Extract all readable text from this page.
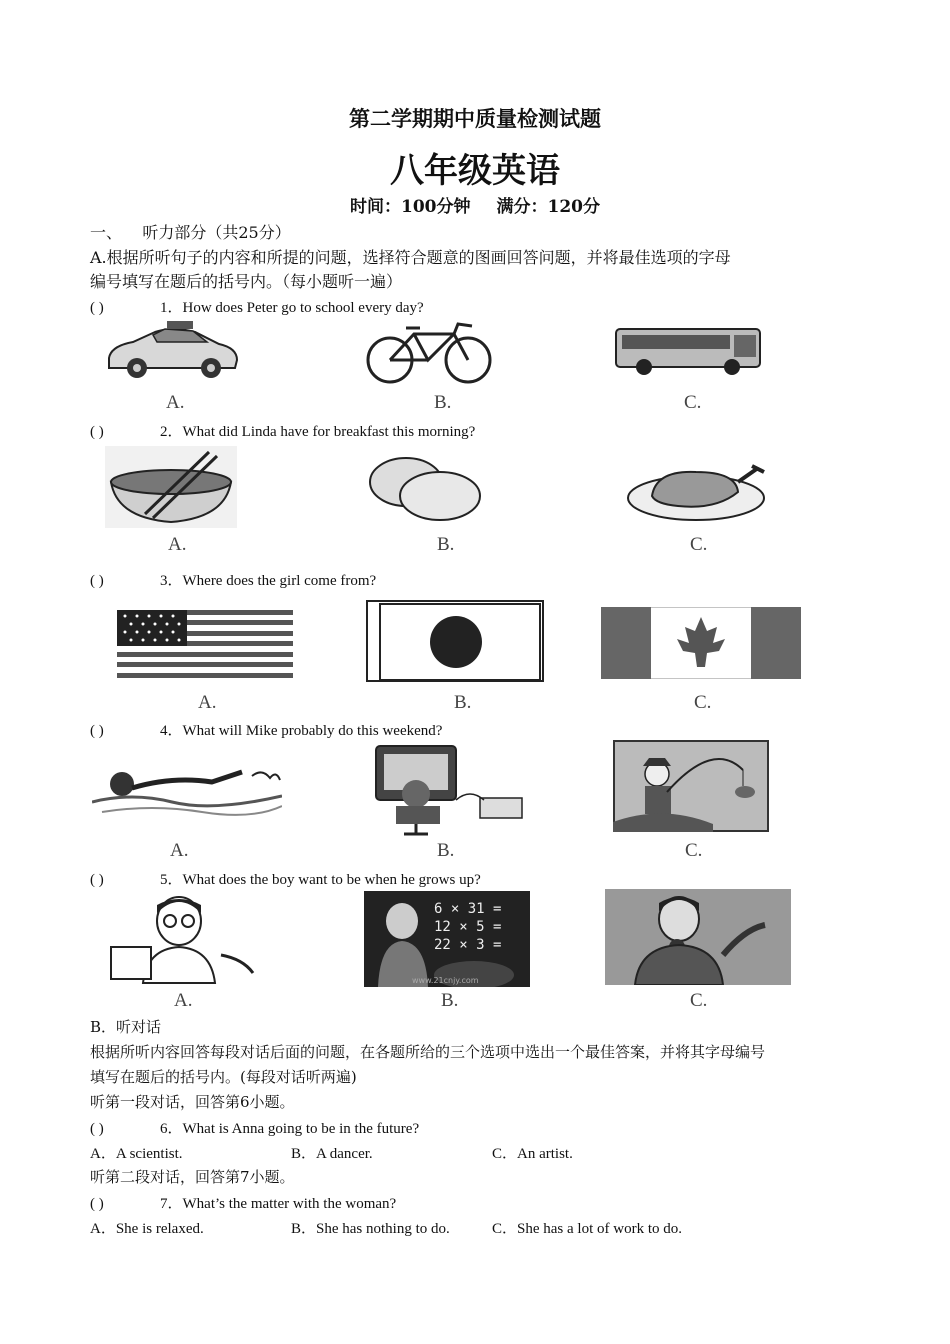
第二学期期中质量检测试题
八年级英语
时间：100分钟 满分：120分
一、    听力部分（共25分）
A.根据所听句子的内容和所提的问题，选择符合题意的图画回答问题，并将最佳选项的字母
编号填写在题后的括号内。（每小题听一遍）
( )	1．How does Peter go to school every day?
A.	B.	C.
( )	2．What did Linda have for breakfast this morning?
A.	B.	C.
( )	3．Where does the girl come from?
A.	B.	C.
( )	4．What will Mike probably do this weekend?
A.	B.	C.
( )	5．What does the boy want to be when he grows up?
A.
6 × 31 =
12 × 5 =
22 × 3 =
www.21cnjy.com
B.	C.
B．听对话
根据所听内容回答每段对话后面的问题，在各题所给的三个选项中选出一个最佳答案，并将其字母编号
填写在题后的括号内。(每段对话听两遍)
听第一段对话，回答第6小题。
( )	6．What is Anna going to be in the future?
A．A scientist.	B．A dancer.	C．An artist.
听第二段对话，回答第7小题。
( )	7．What’s the matter with the woman?
A．She is relaxed.	B．She has nothing to do.	C．She has a lot of work to do.
